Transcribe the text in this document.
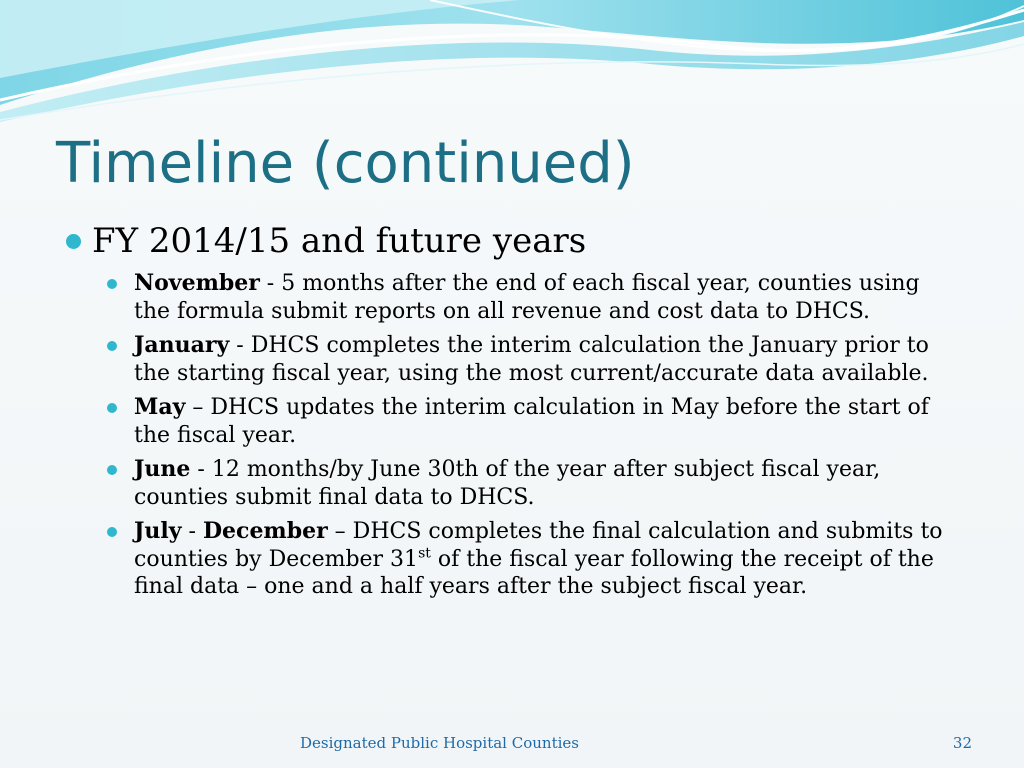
Timeline (continued)
FY 2014/15 and future years
November - 5 months after the end of each fiscal year, counties using the formula submit reports on all revenue and cost data to DHCS.
January - DHCS completes the interim calculation the January prior to the starting fiscal year, using the most current/accurate data available.
May – DHCS updates the interim calculation in May before the start of the fiscal year.
June - 12 months/by June 30th of the year after subject fiscal year, counties submit final data to DHCS.
July - December – DHCS completes the final calculation and submits to counties by December 31st of the fiscal year following the receipt of the final data – one and a half years after the subject fiscal year.
Designated Public Hospital Counties	32
